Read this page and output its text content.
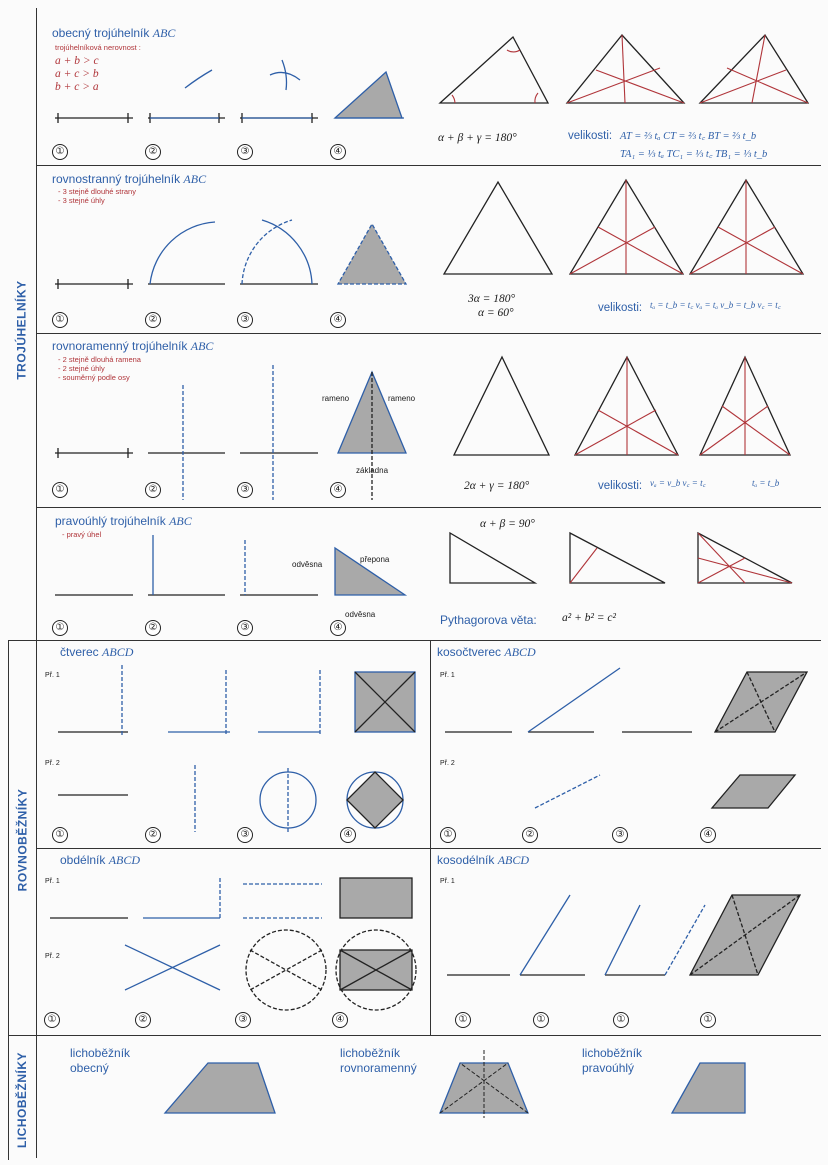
TROJÚHELNÍKY
ROVNOBĚŽNÍKY
LICHOBĚŽNÍKY
obecný trojúhelník ABC
trojúhelníková nerovnost :
a + b > c
a + c > b
b + c > a
①	②	③	④
①	②	③	④
①	②	③	④
①	②	③	④
①	②	③	④	①	②	③	④
①	②	③	④	①	①	①	①
α + β + γ = 180°	velikosti: AT = ⅔ tₐ CT = ⅔ t꜀ BT = ⅔ t_b
TA₁ = ⅓ tₐ TC₁ = ⅓ t꜀ TB₁ = ⅓ t_b
rovnostranný trojúhelník ABC
- 3 stejně dlouhé strany
- 3 stejné úhly
3α = 180°
α = 60°	velikosti: tₐ = t_b = t꜀ vₐ = tₐ v_b = t_b v꜀ = t꜀
rovnoramenný trojúhelník ABC
- 2 stejně dlouhá ramena
- 2 stejné úhly
- souměrný podle osy
rameno	rameno
základna
2α + γ = 180°	velikosti: vₐ = v_b v꜀ = t꜀	tₐ = t_b
pravoúhlý trojúhelník ABC
- pravý úhel
odvěsna
přepona
odvěsna
α + β = 90°
Pythagorova věta: a² + b² = c²
čtverec ABCD
Př. 1
Př. 2
kosočtverec ABCD
Př. 1
Př. 2
obdélník ABCD
Př. 1
Př. 2
kosodélník ABCD
Př. 1
lichoběžník
obecný
lichoběžník
rovnoramenný
lichoběžník
pravoúhlý
